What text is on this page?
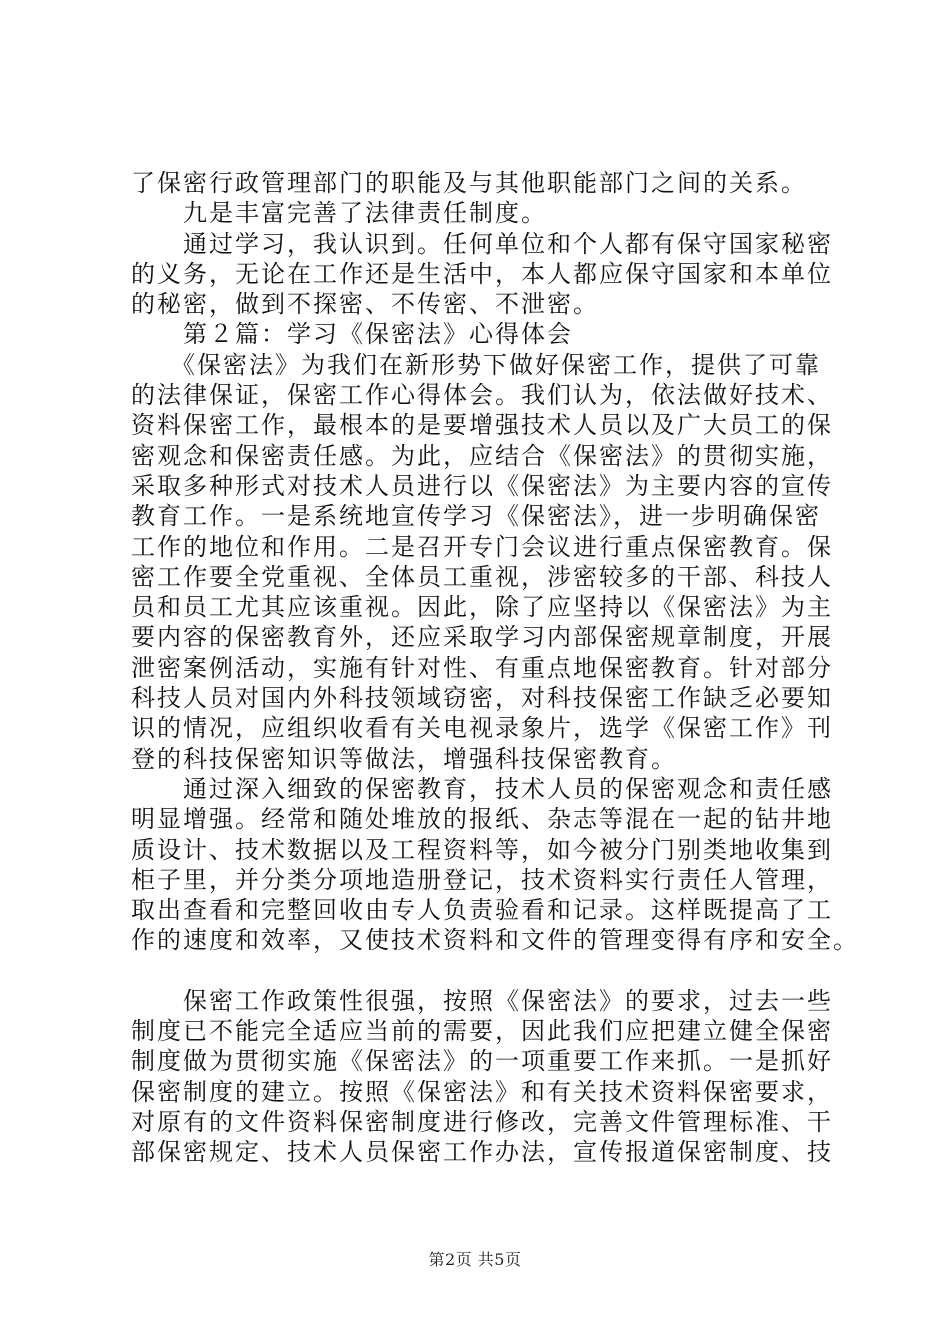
了保密行政管理部门的职能及与其他职能部门之间的关系。
九是丰富完善了法律责任制度。
通过学习，我认识到。任何单位和个人都有保守国家秘密
的义务，无论在工作还是生活中，本人都应保守国家和本单位
的秘密，做到不探密、不传密、不泄密。
第２篇：学习《保密法》心得体会
《保密法》为我们在新形势下做好保密工作，提供了可靠
的法律保证，保密工作心得体会。我们认为，依法做好技术、
资料保密工作，最根本的是要增强技术人员以及广大员工的保
密观念和保密责任感。为此，应结合《保密法》的贯彻实施，
采取多种形式对技术人员进行以《保密法》为主要内容的宣传
教育工作。一是系统地宣传学习《保密法》，进一步明确保密
工作的地位和作用。二是召开专门会议进行重点保密教育。保
密工作要全党重视、全体员工重视，涉密较多的干部、科技人
员和员工尤其应该重视。因此，除了应坚持以《保密法》为主
要内容的保密教育外，还应采取学习内部保密规章制度，开展
泄密案例活动，实施有针对性、有重点地保密教育。针对部分
科技人员对国内外科技领域窃密，对科技保密工作缺乏必要知
识的情况，应组织收看有关电视录象片，选学《保密工作》刊
登的科技保密知识等做法，增强科技保密教育。
通过深入细致的保密教育，技术人员的保密观念和责任感
明显增强。经常和随处堆放的报纸、杂志等混在一起的钻井地
质设计、技术数据以及工程资料等，如今被分门别类地收集到
柜子里，并分类分项地造册登记，技术资料实行责任人管理，
取出查看和完整回收由专人负责验看和记录。这样既提高了工
作的速度和效率，又使技术资料和文件的管理变得有序和安全。
保密工作政策性很强，按照《保密法》的要求，过去一些
制度已不能完全适应当前的需要，因此我们应把建立健全保密
制度做为贯彻实施《保密法》的一项重要工作来抓。一是抓好
保密制度的建立。按照《保密法》和有关技术资料保密要求，
对原有的文件资料保密制度进行修改，完善文件管理标准、干
部保密规定、技术人员保密工作办法，宣传报道保密制度、技
第2页 共5页
